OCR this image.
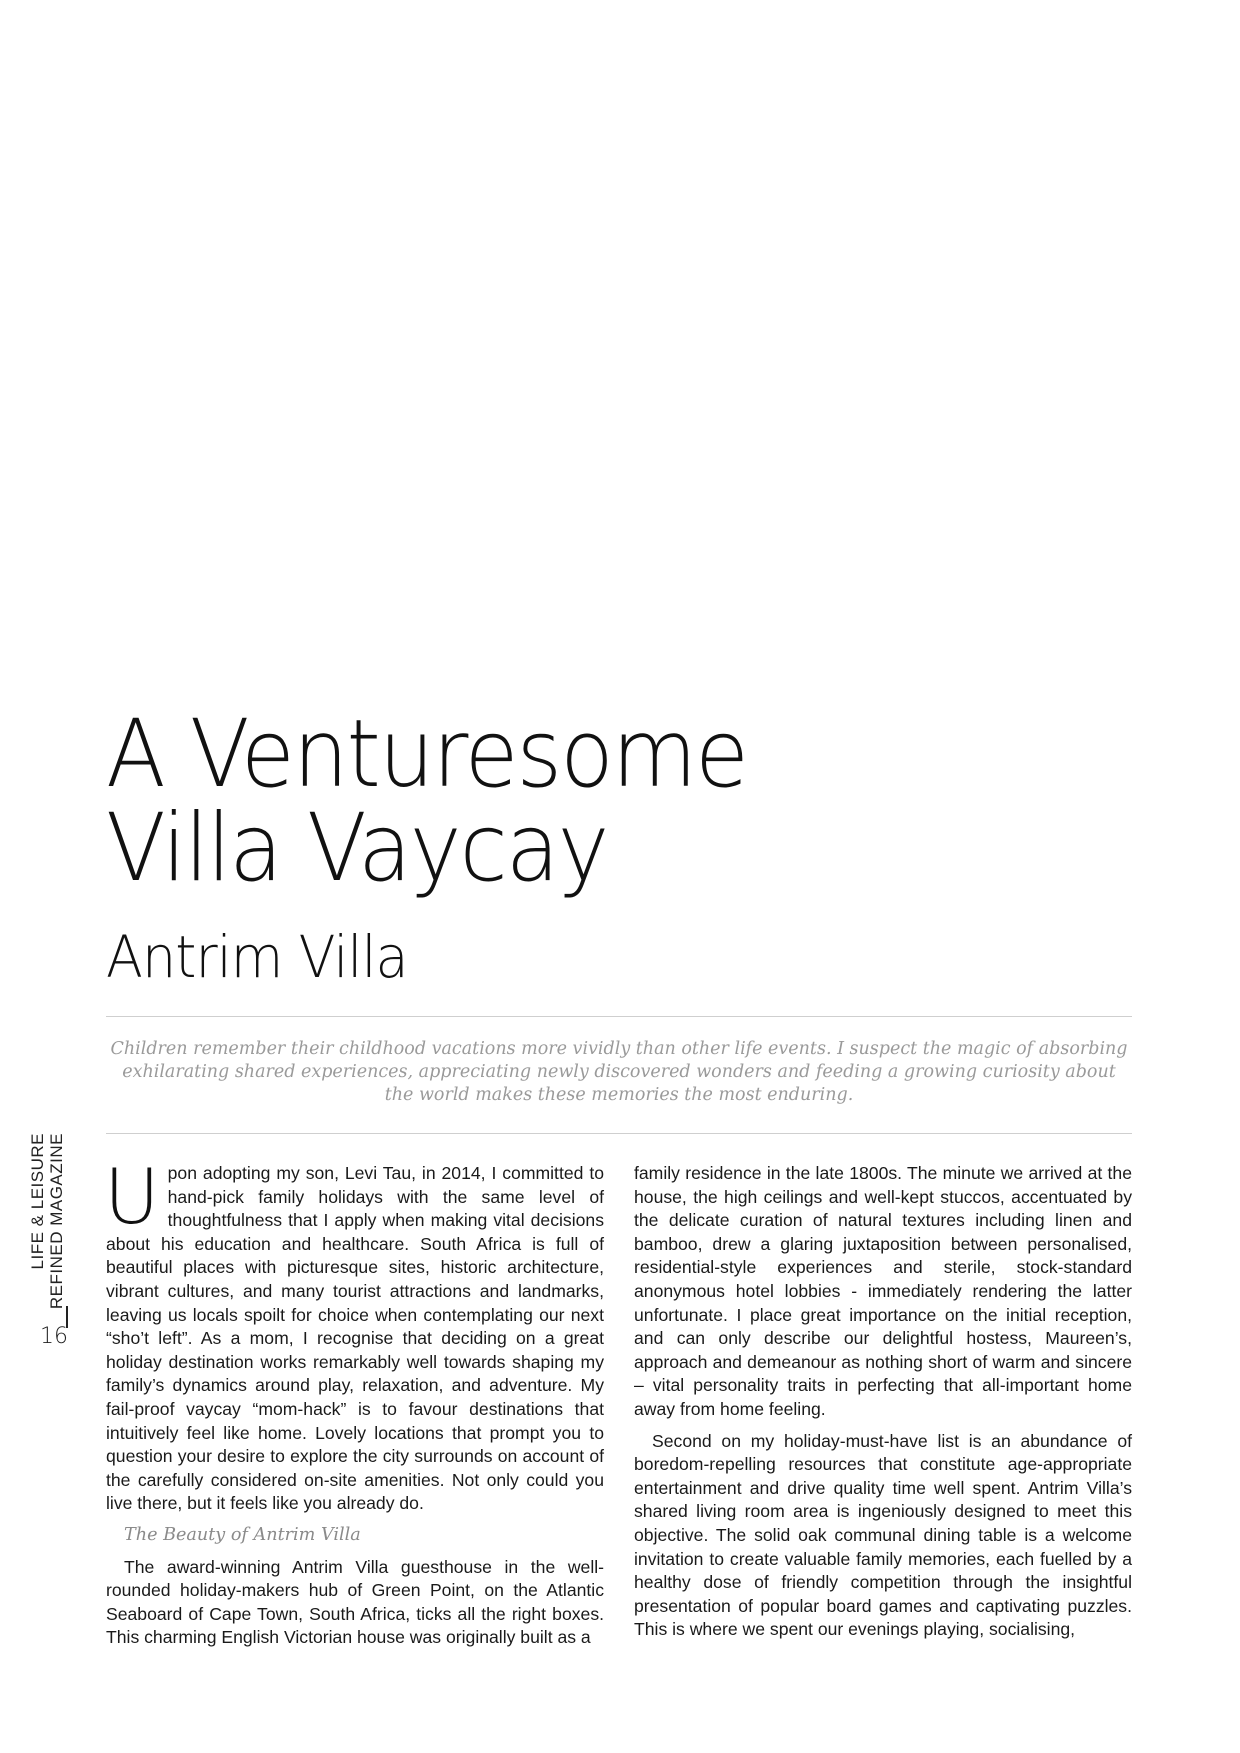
A Venturesome
Villa Vaycay
Antrim Villa

Children remember their childhood vacations more vividly than other life events. I suspect the magic of absorbing exhilarating shared experiences, appreciating newly discovered wonders and feeding a growing curiosity about the world makes these memories the most enduring.

LIFE & LEISURE REFINED MAGAZINE
16

Upon adopting my son, Levi Tau, in 2014, I committed to hand-pick family holidays with the same level of thoughtfulness that I apply when making vital decisions about his education and healthcare. South Africa is full of beautiful places with picturesque sites, historic architecture, vibrant cultures, and many tourist attractions and landmarks, leaving us locals spoilt for choice when contemplating our next “sho’t left”. As a mom, I recognise that deciding on a great holiday destination works remarkably well towards shaping my family’s dynamics around play, relaxation, and adventure. My fail-proof vaycay “mom-hack” is to favour destinations that intuitively feel like home. Lovely locations that prompt you to question your desire to explore the city surrounds on account of the carefully considered on-site amenities. Not only could you live there, but it feels like you already do.

The Beauty of Antrim Villa

The award-winning Antrim Villa guesthouse in the well-rounded holiday-makers hub of Green Point, on the Atlantic Seaboard of Cape Town, South Africa, ticks all the right boxes. This charming English Victorian house was originally built as a

family residence in the late 1800s. The minute we arrived at the house, the high ceilings and well-kept stuccos, accentuated by the delicate curation of natural textures including linen and bamboo, drew a glaring juxtaposition between personalised, residential-style experiences and sterile, stock-standard anonymous hotel lobbies - immediately rendering the latter unfortunate. I place great importance on the initial reception, and can only describe our delightful hostess, Maureen’s, approach and demeanour as nothing short of warm and sincere – vital personality traits in perfecting that all-important home away from home feeling.

Second on my holiday-must-have list is an abundance of boredom-repelling resources that constitute age-appropriate entertainment and drive quality time well spent. Antrim Villa’s shared living room area is ingeniously designed to meet this objective. The solid oak communal dining table is a welcome invitation to create valuable family memories, each fuelled by a healthy dose of friendly competition through the insightful presentation of popular board games and captivating puzzles. This is where we spent our evenings playing, socialising,
